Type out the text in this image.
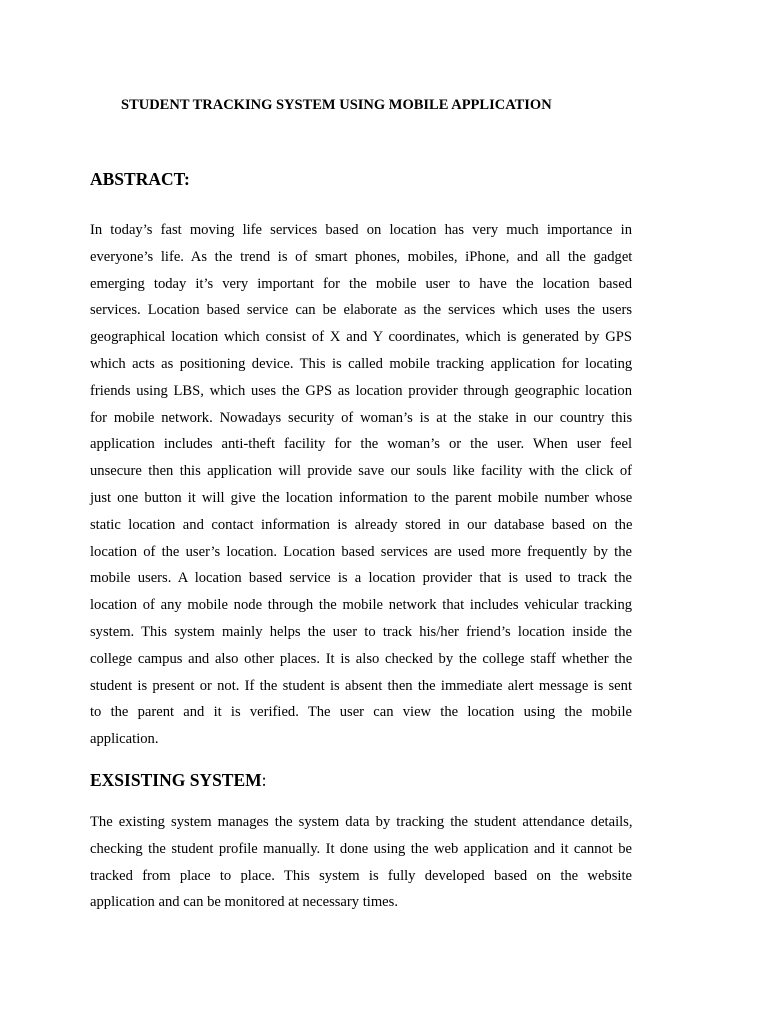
STUDENT TRACKING SYSTEM USING MOBILE APPLICATION
ABSTRACT:
In today’s fast moving life services based on location has very much importance in
everyone’s life. As the trend is of smart phones, mobiles, iPhone, and all the gadget
emerging today it’s very important for the mobile user to have the location based
services. Location based service can be elaborate as the services which uses the users
geographical location which consist of X and Y coordinates, which is generated by GPS
which acts as positioning device. This is called mobile tracking application for locating
friends using LBS, which uses the GPS as location provider through geographic location
for mobile network. Nowadays security of woman’s is at the stake in our country this
application includes anti-theft facility for the woman’s or the user. When user feel
unsecure then this application will provide save our souls like facility with the click of
just one button it will give the location information to the parent mobile number whose
static location and contact information is already stored in our database based on the
location of the user’s location. Location based services are used more frequently by the
mobile users. A location based service is a location provider that is used to track the
location of any mobile node through the mobile network that includes vehicular tracking
system. This system mainly helps the user to track his/her friend’s location inside the
college campus and also other places. It is also checked by the college staff whether the
student is present or not. If the student is absent then the immediate alert message is sent
to the parent and it is verified. The user can view the location using the mobile
application.
EXSISTING SYSTEM:
The existing system manages the system data by tracking the student attendance details,
checking the student profile manually. It done using the web application and it cannot be
tracked from place to place. This system is fully developed based on the website
application and can be monitored at necessary times.
